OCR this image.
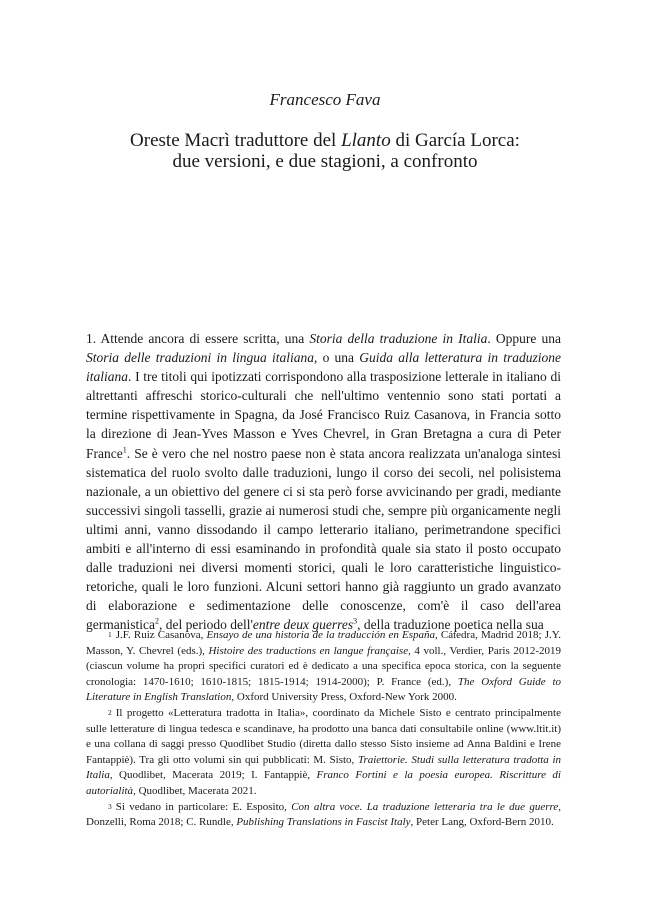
Francesco Fava
Oreste Macrì traduttore del Llanto di García Lorca:
due versioni, e due stagioni, a confronto

1. Attende ancora di essere scritta, una Storia della traduzione in Italia. Oppure una Storia delle traduzioni in lingua italiana, o una Guida alla letteratura in traduzione italiana. I tre titoli qui ipotizzati corrispondono alla trasposizione letterale in italiano di altrettanti affreschi storico-culturali che nell'ultimo ventennio sono stati portati a termine rispettivamente in Spagna, da José Francisco Ruiz Casanova, in Francia sotto la direzione di Jean-Yves Masson e Yves Chevrel, in Gran Bretagna a cura di Peter France$^1$. Se è vero che nel nostro paese non è stata ancora realizzata un'analoga sintesi sistematica del ruolo svolto dalle traduzioni, lungo il corso dei secoli, nel polisistema nazionale, a un obiettivo del genere ci si sta però forse avvicinando per gradi, mediante successivi singoli tasselli, grazie ai numerosi studi che, sempre più organicamente negli ultimi anni, vanno dissodando il campo letterario italiano, perimetrandone specifici ambiti e all'interno di essi esaminando in profondità quale sia stato il posto occupato dalle traduzioni nei diversi momenti storici, quali le loro caratteristiche linguistico-retoriche, quali le loro funzioni. Alcuni settori hanno già raggiunto un grado avanzato di elaborazione e sedimentazione delle conoscenze, com'è il caso dell'area germanistica$^2$, del periodo dell'entre deux guerres$^3$, della traduzione poetica nella sua

$^1$ J.F. Ruiz Casanova, Ensayo de una historia de la traducción en España, Cátedra, Madrid 2018; J.Y. Masson, Y. Chevrel (eds.), Histoire des traductions en langue française, 4 voll., Verdier, Paris 2012-2019 (ciascun volume ha propri specifici curatori ed è dedicato a una specifica epoca storica, con la seguente cronologia: 1470-1610; 1610-1815; 1815-1914; 1914-2000); P. France (ed.), The Oxford Guide to Literature in English Translation, Oxford University Press, Oxford-New York 2000.

$^2$ Il progetto «Letteratura tradotta in Italia», coordinato da Michele Sisto e centrato principalmente sulle letterature di lingua tedesca e scandinave, ha prodotto una banca dati consultabile online (www.ltit.it) e una collana di saggi presso Quodlibet Studio (diretta dallo stesso Sisto insieme ad Anna Baldini e Irene Fantappiè). Tra gli otto volumi sin qui pubblicati: M. Sisto, Traiettorie. Studi sulla letteratura tradotta in Italia, Quodlibet, Macerata 2019; I. Fantappiè, Franco Fortini e la poesia europea. Riscritture di autorialità, Quodlibet, Macerata 2021.

$^3$ Si vedano in particolare: E. Esposito, Con altra voce. La traduzione letteraria tra le due guerre, Donzelli, Roma 2018; C. Rundle, Publishing Translations in Fascist Italy, Peter Lang, Oxford-Bern 2010.
